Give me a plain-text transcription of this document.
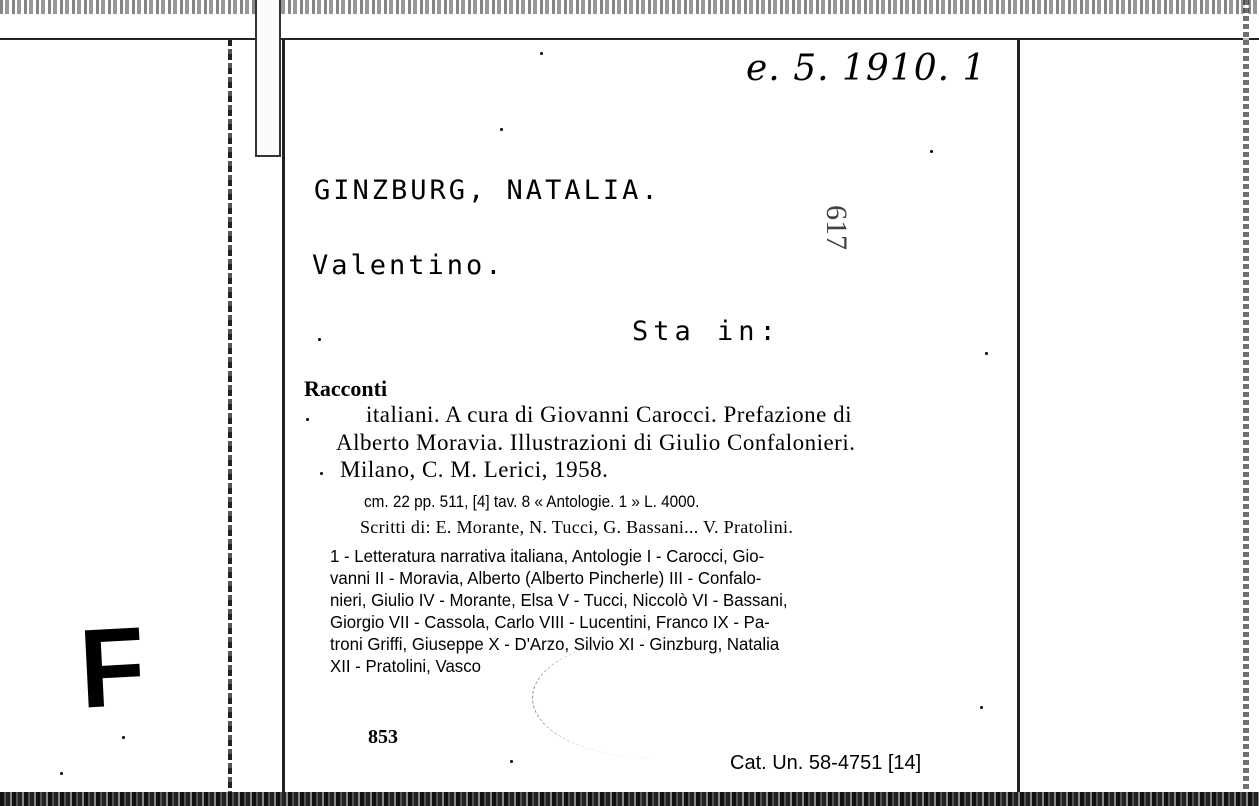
F
e. 5. 1910. 1
GINZBURG, NATALIA.
Valentino.
Sta in:
617
Racconti
italiani. A cura di Giovanni Carocci. Prefazione di
Alberto Moravia. Illustrazioni di Giulio Confalonieri.
Milano, C. M. Lerici, 1958.
cm. 22 pp. 511, [4] tav. 8 « Antologie. 1 » L. 4000.
Scritti di: E. Morante, N. Tucci, G. Bassani... V. Pratolini.
1 - Letteratura narrativa italiana, Antologie I - Carocci, Gio-
vanni II - Moravia, Alberto (Alberto Pincherle) III - Confalo-
nieri, Giulio IV - Morante, Elsa V - Tucci, Niccolò VI - Bassani,
Giorgio VII - Cassola, Carlo VIII - Lucentini, Franco IX - Pa-
troni Griffi, Giuseppe X - D'Arzo, Silvio XI - Ginzburg, Natalia
XII - Pratolini, Vasco
853
Cat. Un. 58-4751 [14]
